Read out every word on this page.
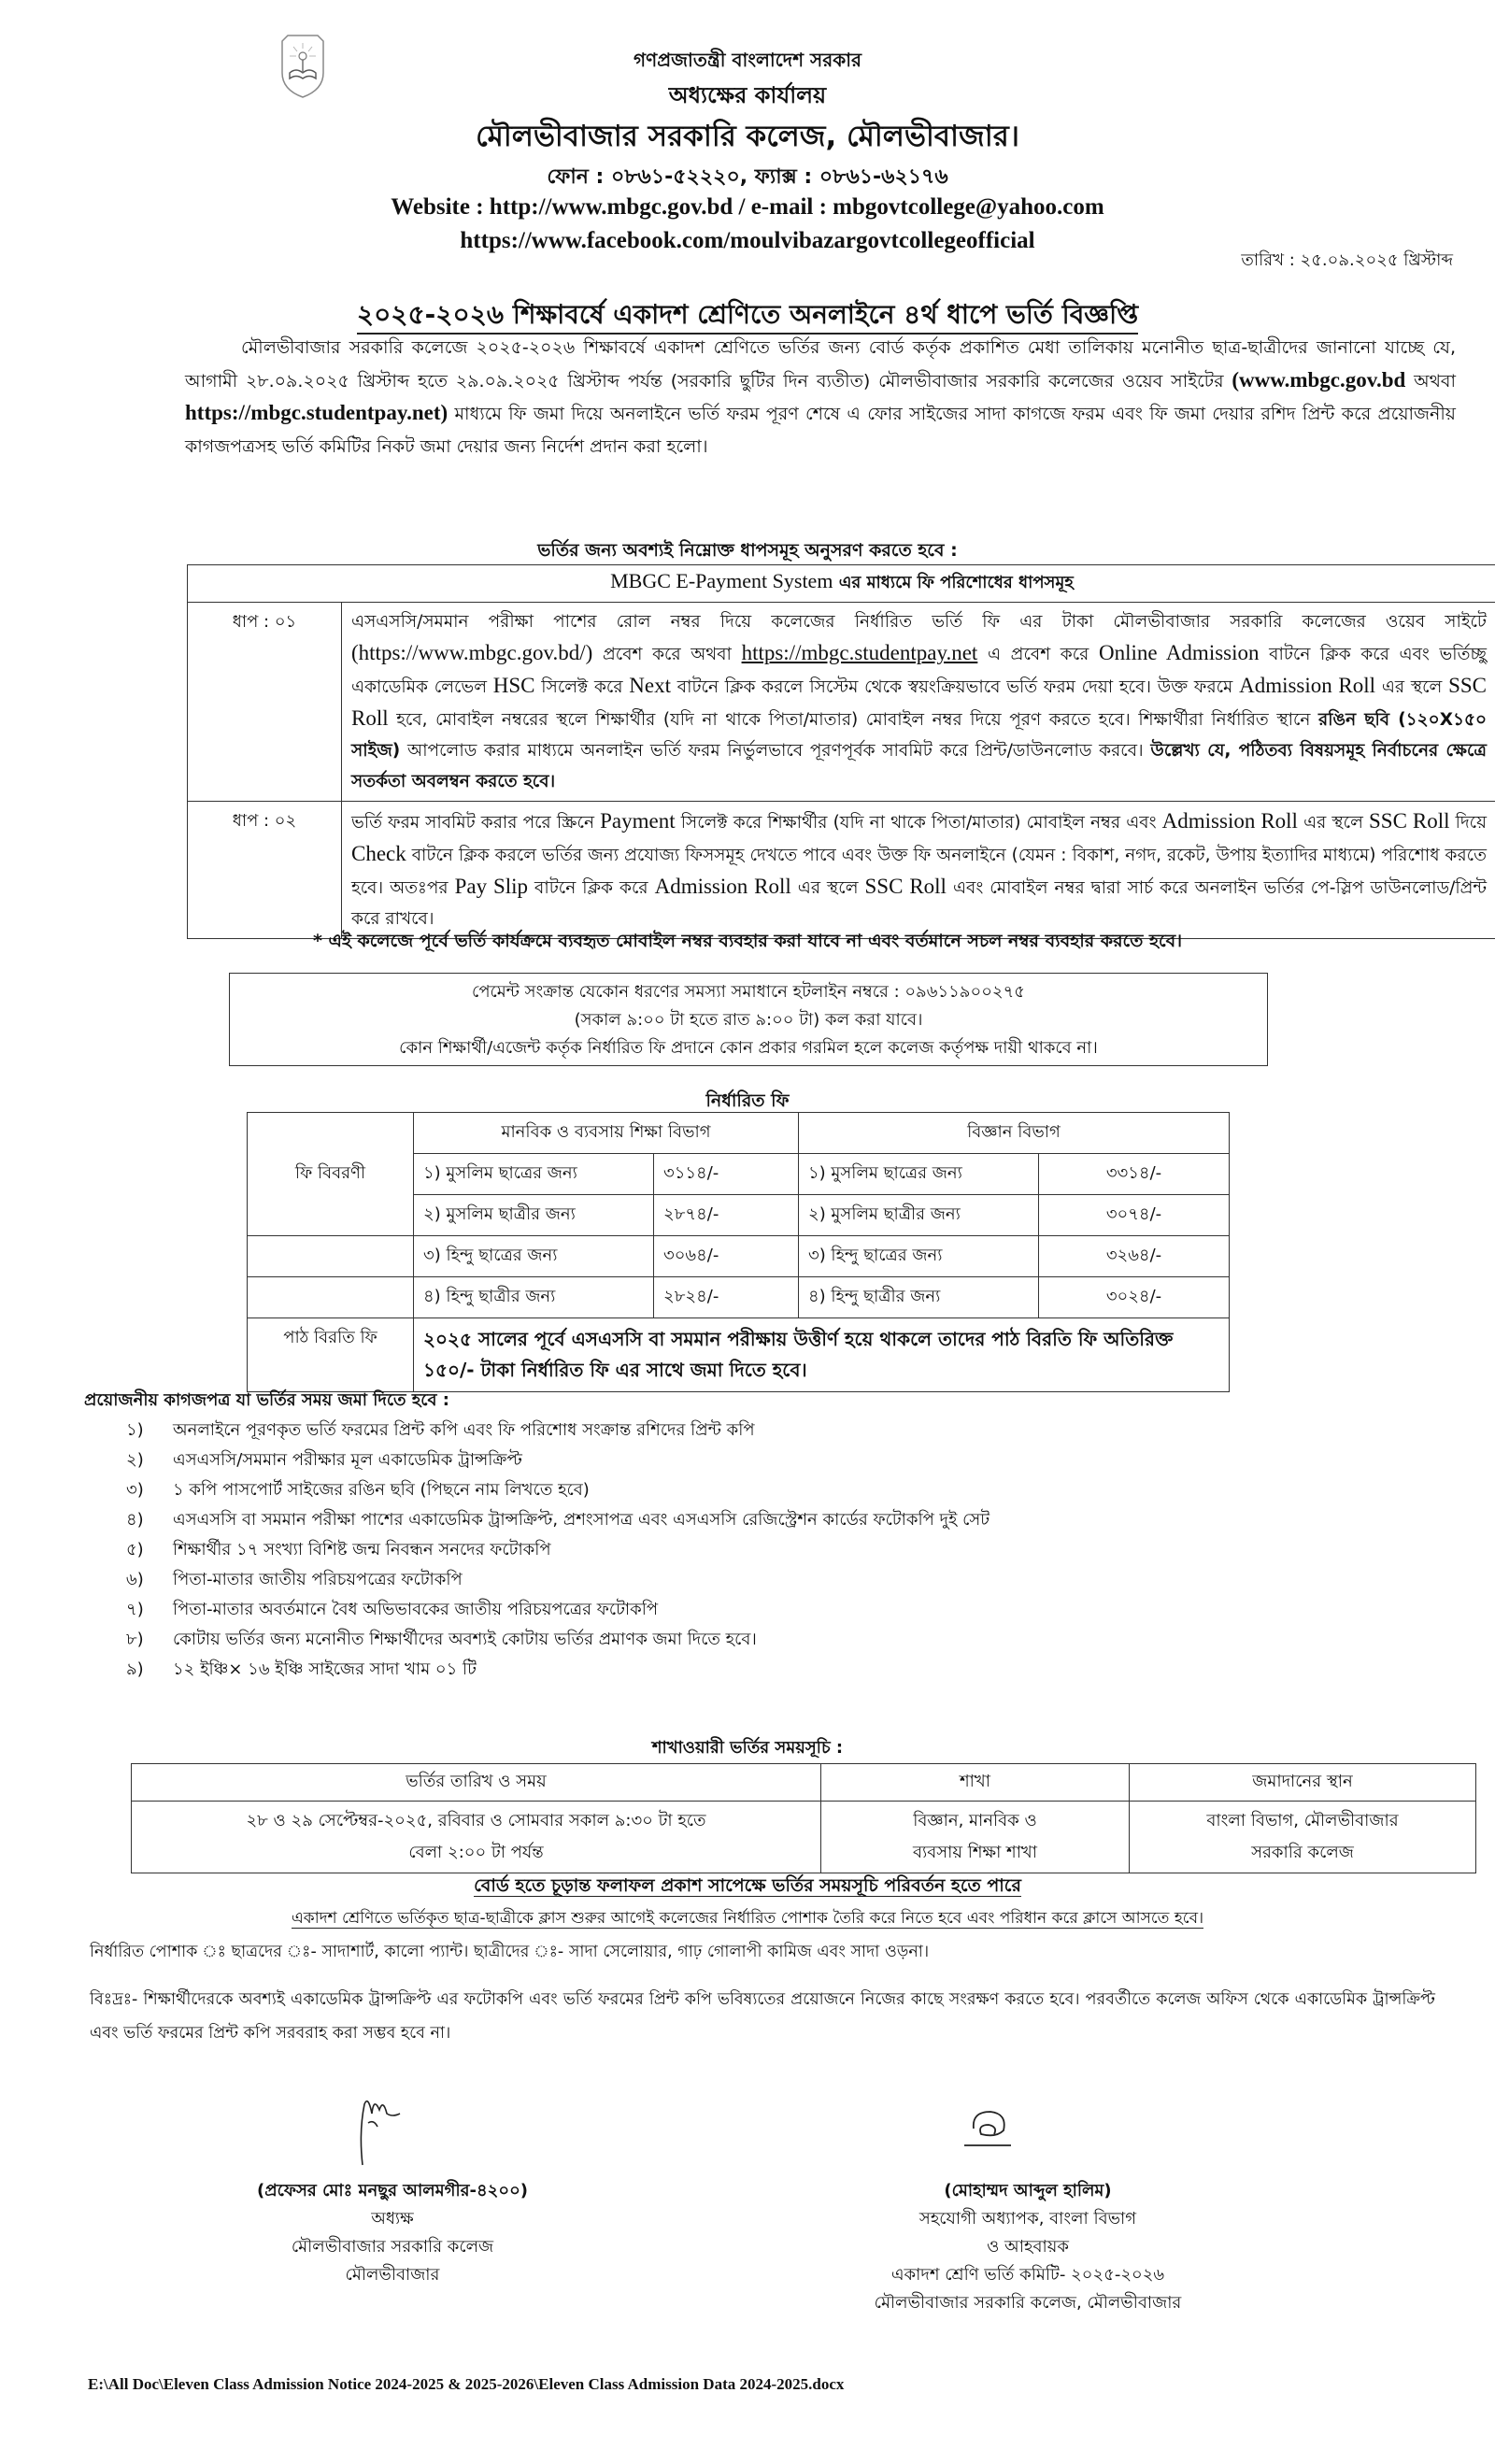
গণপ্রজাতন্ত্রী বাংলাদেশ সরকার
অধ্যক্ষের কার্যালয়
মৌলভীবাজার সরকারি কলেজ, মৌলভীবাজার।
ফোন : ০৮৬১-৫২২২০, ফ্যাক্স : ০৮৬১-৬২১৭৬
Website : http://www.mbgc.gov.bd / e-mail : mbgovtcollege@yahoo.com
https://www.facebook.com/moulvibazargovtcollegeofficial
তারিখ : ২৫.০৯.২০২৫ খ্রিস্টাব্দ
২০২৫-২০২৬ শিক্ষাবর্ষে একাদশ শ্রেণিতে অনলাইনে ৪র্থ ধাপে ভর্তি বিজ্ঞপ্তি
মৌলভীবাজার সরকারি কলেজে ২০২৫-২০২৬ শিক্ষাবর্ষে একাদশ শ্রেণিতে ভর্তির জন্য বোর্ড কর্তৃক প্রকাশিত মেধা তালিকায় মনোনীত ছাত্র-ছাত্রীদের জানানো যাচ্ছে যে, আগামী ২৮.০৯.২০২৫ খ্রিস্টাব্দ হতে ২৯.০৯.২০২৫ খ্রিস্টাব্দ পর্যন্ত (সরকারি ছুটির দিন ব্যতীত) মৌলভীবাজার সরকারি কলেজের ওয়েব সাইটের (www.mbgc.gov.bd অথবা https://mbgc.studentpay.net) মাধ্যমে ফি জমা দিয়ে অনলাইনে ভর্তি ফরম পূরণ শেষে এ ফোর সাইজের সাদা কাগজে ফরম এবং ফি জমা দেয়ার রশিদ প্রিন্ট করে প্রয়োজনীয় কাগজপত্রসহ ভর্তি কমিটির নিকট জমা দেয়ার জন্য নির্দেশ প্রদান করা হলো।
ভর্তির জন্য অবশ্যই নিম্নোক্ত ধাপসমূহ অনুসরণ করতে হবে :
MBGC E-Payment System এর মাধ্যমে ফি পরিশোধের ধাপসমূহ	
ধাপ : ০১	এসএসসি/সমমান পরীক্ষা পাশের রোল নম্বর দিয়ে কলেজের নির্ধারিত ভর্তি ফি এর টাকা মৌলভীবাজার সরকারি কলেজের ওয়েব সাইটে (https://www.mbgc.gov.bd/) প্রবেশ করে অথবা https://mbgc.studentpay.net এ প্রবেশ করে Online Admission বাটনে ক্লিক করে এবং ভর্তিচ্ছু একাডেমিক লেভেল HSC সিলেক্ট করে Next বাটনে ক্লিক করলে সিস্টেম থেকে স্বয়ংক্রিয়ভাবে ভর্তি ফরম দেয়া হবে। উক্ত ফরমে Admission Roll এর স্থলে SSC Roll হবে, মোবাইল নম্বরের স্থলে শিক্ষার্থীর (যদি না থাকে পিতা/মাতার) মোবাইল নম্বর দিয়ে পূরণ করতে হবে। শিক্ষার্থীরা নির্ধারিত স্থানে রঙিন ছবি (১২০X১৫০ সাইজ) আপলোড করার মাধ্যমে অনলাইন ভর্তি ফরম নির্ভুলভাবে পূরণপূর্বক সাবমিট করে প্রিন্ট/ডাউনলোড করবে। উল্লেখ্য যে, পঠিতব্য বিষয়সমূহ নির্বাচনের ক্ষেত্রে সতর্কতা অবলম্বন করতে হবে।
ধাপ : ০২	ভর্তি ফরম সাবমিট করার পরে স্ক্রিনে Payment সিলেক্ট করে শিক্ষার্থীর (যদি না থাকে পিতা/মাতার) মোবাইল নম্বর এবং Admission Roll এর স্থলে SSC Roll দিয়ে Check বাটনে ক্লিক করলে ভর্তির জন্য প্রযোজ্য ফিসসমূহ দেখতে পাবে এবং উক্ত ফি অনলাইনে (যেমন : বিকাশ, নগদ, রকেট, উপায় ইত্যাদির মাধ্যমে) পরিশোধ করতে হবে। অতঃপর Pay Slip বাটনে ক্লিক করে Admission Roll এর স্থলে SSC Roll এবং মোবাইল নম্বর দ্বারা সার্চ করে অনলাইন ভর্তির পে-স্লিপ ডাউনলোড/প্রিন্ট করে রাখবে।
* এই কলেজে পূর্বে ভর্তি কার্যক্রমে ব্যবহৃত মোবাইল নম্বর ব্যবহার করা যাবে না এবং বর্তমানে সচল নম্বর ব্যবহার করতে হবে।
পেমেন্ট সংক্রান্ত যেকোন ধরণের সমস্যা সমাধানে হটলাইন নম্বরে : ০৯৬১১৯০০২৭৫
(সকাল ৯:০০ টা হতে রাত ৯:০০ টা) কল করা যাবে।
কোন শিক্ষার্থী/এজেন্ট কর্তৃক নির্ধারিত ফি প্রদানে কোন প্রকার গরমিল হলে কলেজ কর্তৃপক্ষ দায়ী থাকবে না।
নির্ধারিত ফি
ফি বিবরণী	মানবিক ও ব্যবসায় শিক্ষা বিভাগ		বিজ্ঞান বিভাগ	
	১) মুসলিম ছাত্রের জন্য	৩১১৪/-	১) মুসলিম ছাত্রের জন্য	৩৩১৪/-
	২) মুসলিম ছাত্রীর জন্য	২৮৭৪/-	২) মুসলিম ছাত্রীর জন্য	৩০৭৪/-
	৩) হিন্দু ছাত্রের জন্য	৩০৬৪/-	৩) হিন্দু ছাত্রের জন্য	৩২৬৪/-
	৪) হিন্দু ছাত্রীর জন্য	২৮২৪/-	৪) হিন্দু ছাত্রীর জন্য	৩০২৪/-
পাঠ বিরতি ফি	২০২৫ সালের পূর্বে এসএসসি বা সমমান পরীক্ষায় উত্তীর্ণ হয়ে থাকলে তাদের পাঠ বিরতি ফি অতিরিক্ত ১৫০/- টাকা নির্ধারিত ফি এর সাথে জমা দিতে হবে।			
প্রয়োজনীয় কাগজপত্র যা ভর্তির সময় জমা দিতে হবে :
১) অনলাইনে পূরণকৃত ভর্তি ফরমের প্রিন্ট কপি এবং ফি পরিশোধ সংক্রান্ত রশিদের প্রিন্ট কপি
২) এসএসসি/সমমান পরীক্ষার মূল একাডেমিক ট্রান্সক্রিপ্ট
৩) ১ কপি পাসপোর্ট সাইজের রঙিন ছবি (পিছনে নাম লিখতে হবে)
৪) এসএসসি বা সমমান পরীক্ষা পাশের একাডেমিক ট্রান্সক্রিপ্ট, প্রশংসাপত্র এবং এসএসসি রেজিস্ট্রেশন কার্ডের ফটোকপি দুই সেট
৫) শিক্ষার্থীর ১৭ সংখ্যা বিশিষ্ট জন্ম নিবন্ধন সনদের ফটোকপি
৬) পিতা-মাতার জাতীয় পরিচয়পত্রের ফটোকপি
৭) পিতা-মাতার অবর্তমানে বৈধ অভিভাবকের জাতীয় পরিচয়পত্রের ফটোকপি
৮) কোটায় ভর্তির জন্য মনোনীত শিক্ষার্থীদের অবশ্যই কোটায় ভর্তির প্রমাণক জমা দিতে হবে।
৯) ১২ ইঞ্চি× ১৬ ইঞ্চি সাইজের সাদা খাম ০১ টি
শাখাওয়ারী ভর্তির সময়সূচি :
ভর্তির তারিখ ও সময়	শাখা	জমাদানের স্থান

২৮ ও ২৯ সেপ্টেম্বর-২০২৫, রবিবার ও সোমবার সকাল ৯:৩০ টা হতে
বেলা ২:০০ টা পর্যন্ত

বিজ্ঞান, মানবিক ও
ব্যবসায় শিক্ষা শাখা

বাংলা বিভাগ, মৌলভীবাজার
সরকারি কলেজ
বোর্ড হতে চূড়ান্ত ফলাফল প্রকাশ সাপেক্ষে ভর্তির সময়সূচি পরিবর্তন হতে পারে
একাদশ শ্রেণিতে ভর্তিকৃত ছাত্র-ছাত্রীকে ক্লাস শুরুর আগেই কলেজের নির্ধারিত পোশাক তৈরি করে নিতে হবে এবং পরিধান করে ক্লাসে আসতে হবে।
নির্ধারিত পোশাক ঃ ছাত্রদের ঃ- সাদাশার্ট, কালো প্যান্ট। ছাত্রীদের ঃ- সাদা সেলোয়ার, গাঢ় গোলাপী কামিজ এবং সাদা ওড়না।
বিঃদ্রঃ- শিক্ষার্থীদেরকে অবশ্যই একাডেমিক ট্রান্সক্রিপ্ট এর ফটোকপি এবং ভর্তি ফরমের প্রিন্ট কপি ভবিষ্যতের প্রয়োজনে নিজের কাছে সংরক্ষণ করতে হবে। পরবর্তীতে কলেজ অফিস থেকে একাডেমিক ট্রান্সক্রিপ্ট এবং ভর্তি ফরমের প্রিন্ট কপি সরবরাহ করা সম্ভব হবে না।
(প্রফেসর মোঃ মনছুর আলমগীর-৪২০০)
অধ্যক্ষ
মৌলভীবাজার সরকারি কলেজ
মৌলভীবাজার
(মোহাম্মদ আব্দুল হালিম)
সহযোগী অধ্যাপক, বাংলা বিভাগ
ও আহবায়ক
একাদশ শ্রেণি ভর্তি কমিটি- ২০২৫-২০২৬
মৌলভীবাজার সরকারি কলেজ, মৌলভীবাজার
E:\All Doc\Eleven Class Admission Notice 2024-2025 & 2025-2026\Eleven Class Admission Data 2024-2025.docx
